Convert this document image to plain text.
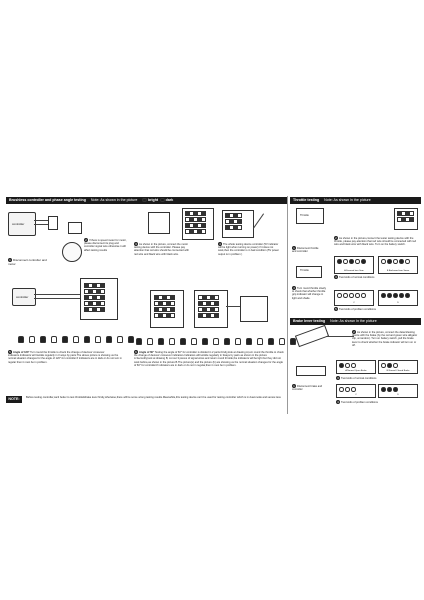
Brushless controller and phase angle testing Note: As shown in the picture	bright dark
controller
1 Disconnect controller and motor
2 If there is speed meter for motor, please disconnect its plug and controller signal wire otherwise it will affect testing results
3 As shown in the picture, connect the motor testing device with the controller. Please pay attention that red wire should be connected with red wire and black wire with black wire.
4 The whole testing device controller (5V indicator will be light when turning on power) if it does not work,then the controller is in bad condition (5V power output is in problem )
controller
5 Angle of 120° Turn round the throttle to check the change of devices' crossover indicators.Indicators will twinkle regularly in 3 ways by pairs.The above picture is showing us the normal situation changes for the angle of 120°.for controller.If indicators are in dark or do not turn in regular then it must be in problem.
6 Angle of 60° Testing the angle of 60° for controller is divided in 2 parts.Firstly,look at drawing A,turn round the throttle to check the change of devices' crossover indicators.Indicators will twinkle regularly in 3ways by pairs as shown in the picture A.Secondly,look at drawing B, cut out 3 pieces of signal wires and return round throttle,the indicators will be light but they did not work before,as shown in the picture B.The picture(s) and the picture (b) are showing us the normal situation changes for the angle of 60° for controller.If indicators are in dark or do not in regular,then it must be in problem.
NOTE:	Before testing controller,we'd better to test throttle&brake lever firstly,otherwise,there will be some wrong testing results.Meanwhile,this testing device can't be used for testing controller which is in dual-mode and sensor-less
Throttle testing Note: As shown in the picture
Throttle
1 Disconnect throttle and controller
2 As shown in the picture,connect the tester testing device with the throttle, please pay attention that red wire should be connected with red wire and black wire with black wire. Turn on the battery switch.
Throttle	A Forward turn Sam	B Backward turn Same
3 Two kinds of normal conditions
4 Turn round throttle slowly to check that whether throttle grip indicator will change in light and shade.
C	D
5 Two kinds of problem conditions
Brake lever testing Note: As shown in the picture
2 As shown in the picture, connect the detect/testing device with the brake (by the red and green wire alligator clip, at random). Turn on battery switch, pull the brake lever to check whether the brake indicator will turn on or off.
A Normal Open Brake	B Normal Closed Brake
1 Disconnect brake and controller
3 Two kinds of normal conditions
C	D
4 Two kinds of problem conditions
